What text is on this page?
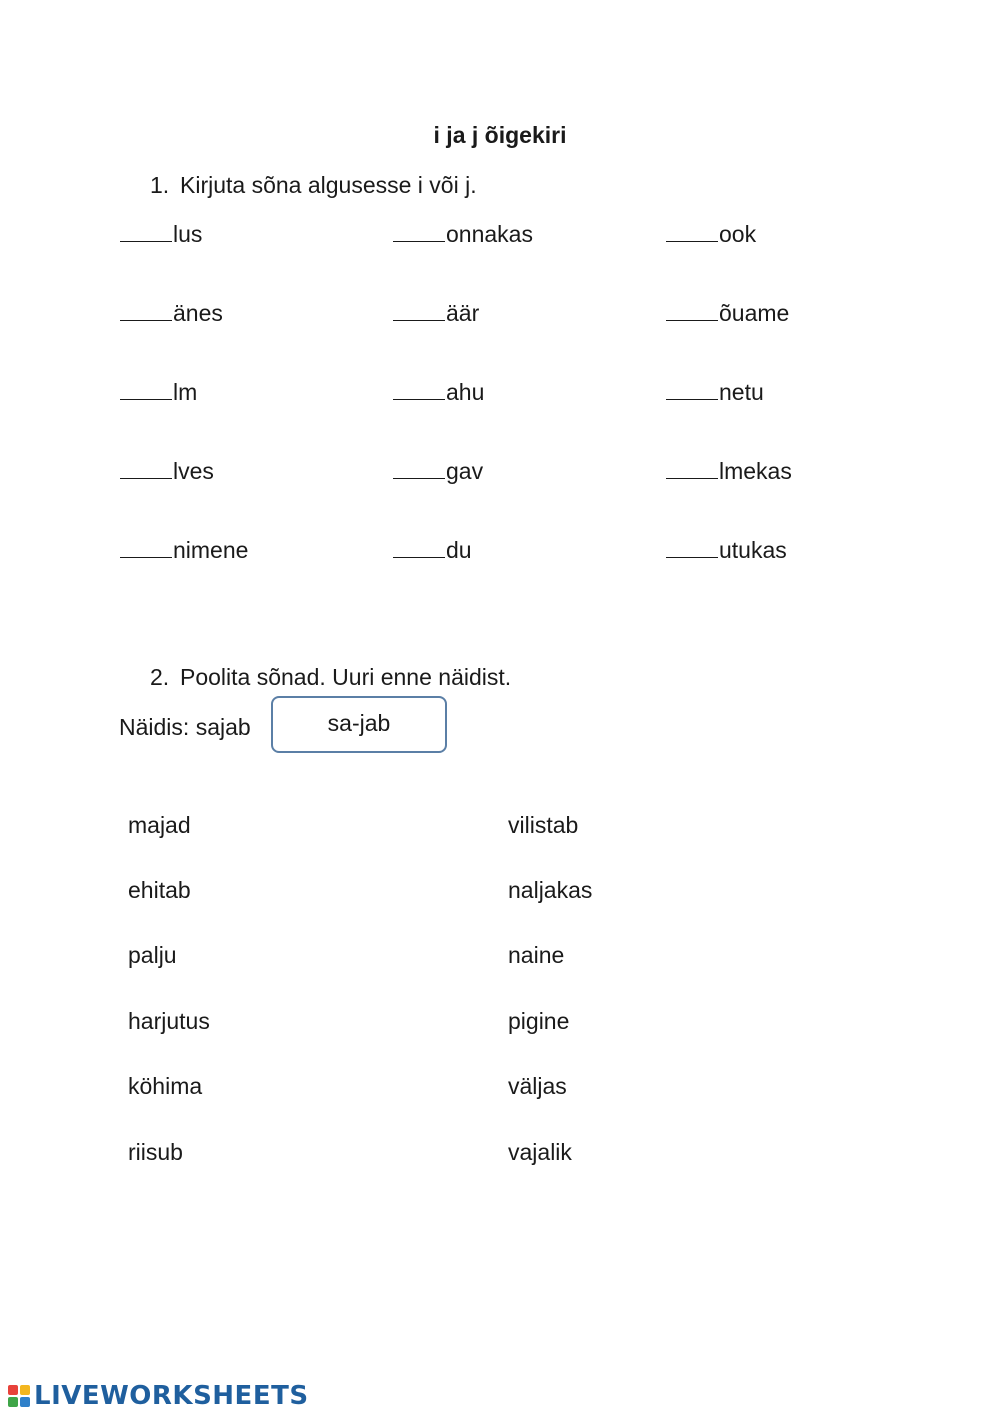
i ja j õigekiri
1. Kirjuta sõna algusesse i või j.
lus	onnakas	ook
änes	äär	õuame
lm	ahu	netu
lves	gav	lmekas
nimene	du	utukas
2. Poolita sõnad. Uuri enne näidist.
Näidis: sajab	sa-jab
majad	vilistab
ehitab	naljakas
palju	naine
harjutus	pigine
köhima	väljas
riisub	vajalik
LIVEWORKSHEETS
